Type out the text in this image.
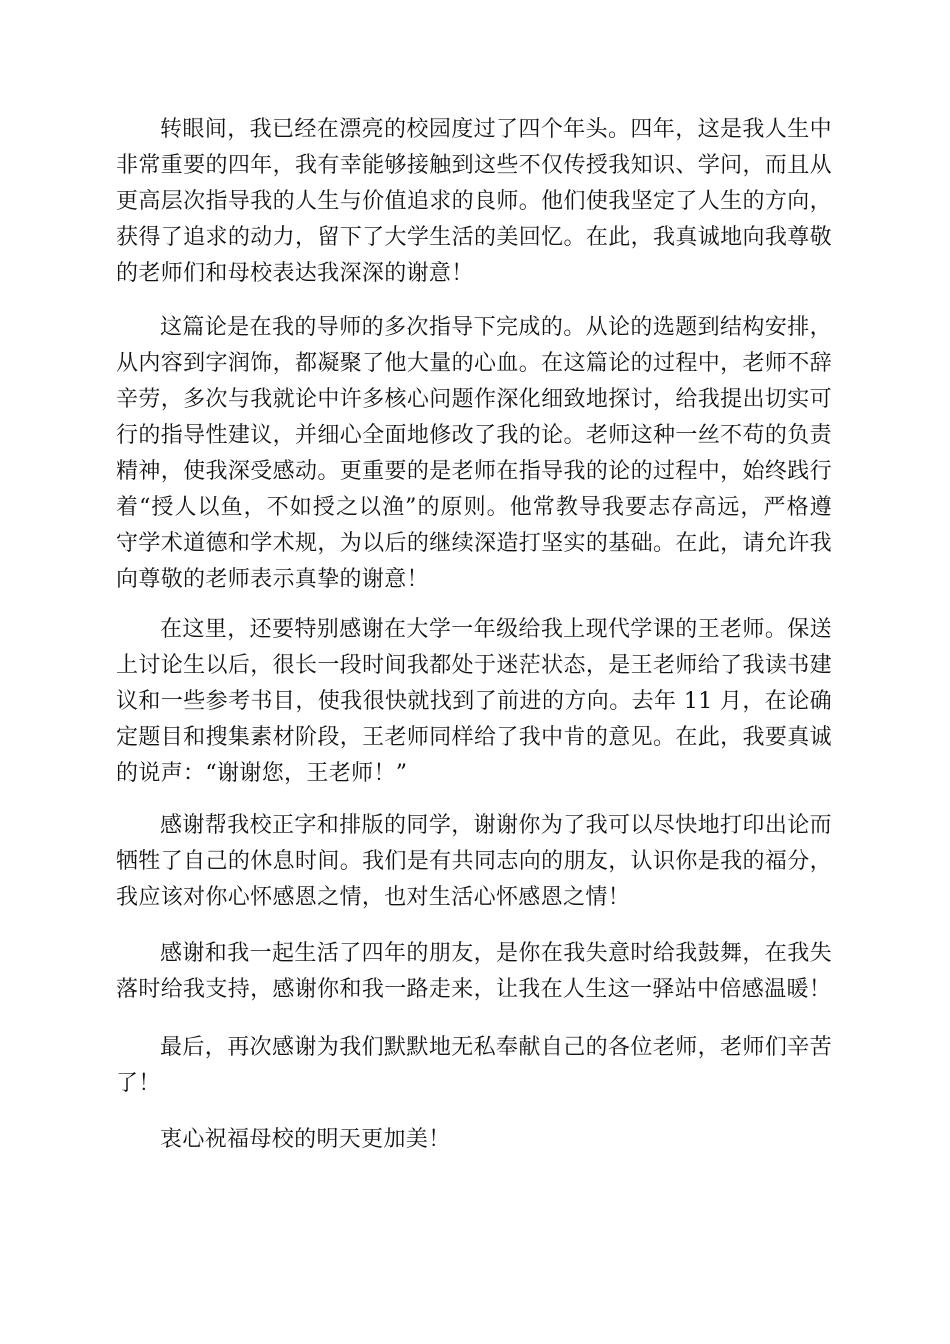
转眼间，我已经在漂亮的校园度过了四个年头。四年，这是我人生中非常重要的四年，我有幸能够接触到这些不仅传授我知识、学问，而且从更高层次指导我的人生与价值追求的良师。他们使我坚定了人生的方向，获得了追求的动力，留下了大学生活的美回忆。在此，我真诚地向我尊敬的老师们和母校表达我深深的谢意！

这篇论是在我的导师的多次指导下完成的。从论的选题到结构安排，从内容到字润饰，都凝聚了他大量的心血。在这篇论的过程中，老师不辞辛劳，多次与我就论中许多核心问题作深化细致地探讨，给我提出切实可行的指导性建议，并细心全面地修改了我的论。老师这种一丝不苟的负责精神，使我深受感动。更重要的是老师在指导我的论的过程中，始终践行着“授人以鱼，不如授之以渔”的原则。他常教导我要志存高远，严格遵守学术道德和学术规，为以后的继续深造打坚实的基础。在此，请允许我向尊敬的老师表示真挚的谢意！

在这里，还要特别感谢在大学一年级给我上现代学课的王老师。保送上讨论生以后，很长一段时间我都处于迷茫状态，是王老师给了我读书建议和一些参考书目，使我很快就找到了前进的方向。去年 11 月，在论确定题目和搜集素材阶段，王老师同样给了我中肯的意见。在此，我要真诚的说声：“谢谢您，王老师！”

感谢帮我校正字和排版的同学，谢谢你为了我可以尽快地打印出论而牺牲了自己的休息时间。我们是有共同志向的朋友，认识你是我的福分，我应该对你心怀感恩之情，也对生活心怀感恩之情！

感谢和我一起生活了四年的朋友，是你在我失意时给我鼓舞，在我失落时给我支持，感谢你和我一路走来，让我在人生这一驿站中倍感温暖！

最后，再次感谢为我们默默地无私奉献自己的各位老师，老师们辛苦了！

衷心祝福母校的明天更加美！
